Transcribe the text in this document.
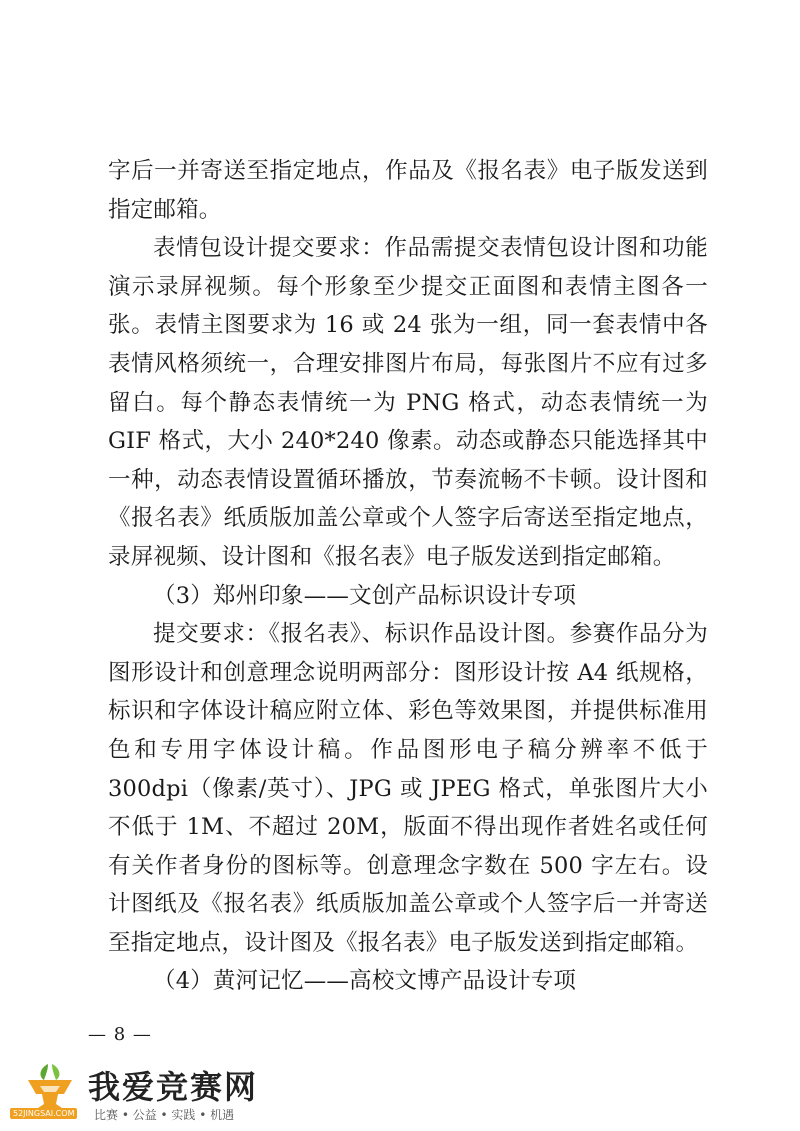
字后一并寄送至指定地点，作品及《报名表》电子版发送到指定邮箱。

表情包设计提交要求：作品需提交表情包设计图和功能演示录屏视频。每个形象至少提交正面图和表情主图各一张。表情主图要求为 16 或 24 张为一组，同一套表情中各表情风格须统一，合理安排图片布局，每张图片不应有过多留白。每个静态表情统一为 PNG 格式，动态表情统一为 GIF 格式，大小 240*240 像素。动态或静态只能选择其中一种，动态表情设置循环播放，节奏流畅不卡顿。设计图和《报名表》纸质版加盖公章或个人签字后寄送至指定地点，录屏视频、设计图和《报名表》电子版发送到指定邮箱。

（3）郑州印象——文创产品标识设计专项

提交要求：《报名表》、标识作品设计图。参赛作品分为图形设计和创意理念说明两部分：图形设计按 A4 纸规格，标识和字体设计稿应附立体、彩色等效果图，并提供标准用色和专用字体设计稿。作品图形电子稿分辨率不低于 300dpi（像素/英寸）、JPG 或 JPEG 格式，单张图片大小不低于 1M、不超过 20M，版面不得出现作者姓名或任何有关作者身份的图标等。创意理念字数在 500 字左右。设计图纸及《报名表》纸质版加盖公章或个人签字后一并寄送至指定地点，设计图及《报名表》电子版发送到指定邮箱。

（4）黄河记忆——高校文博产品设计专项

— 8 —
我爱竞赛网
52JINGSAI.COM 比赛 • 公益 • 实践 • 机遇
